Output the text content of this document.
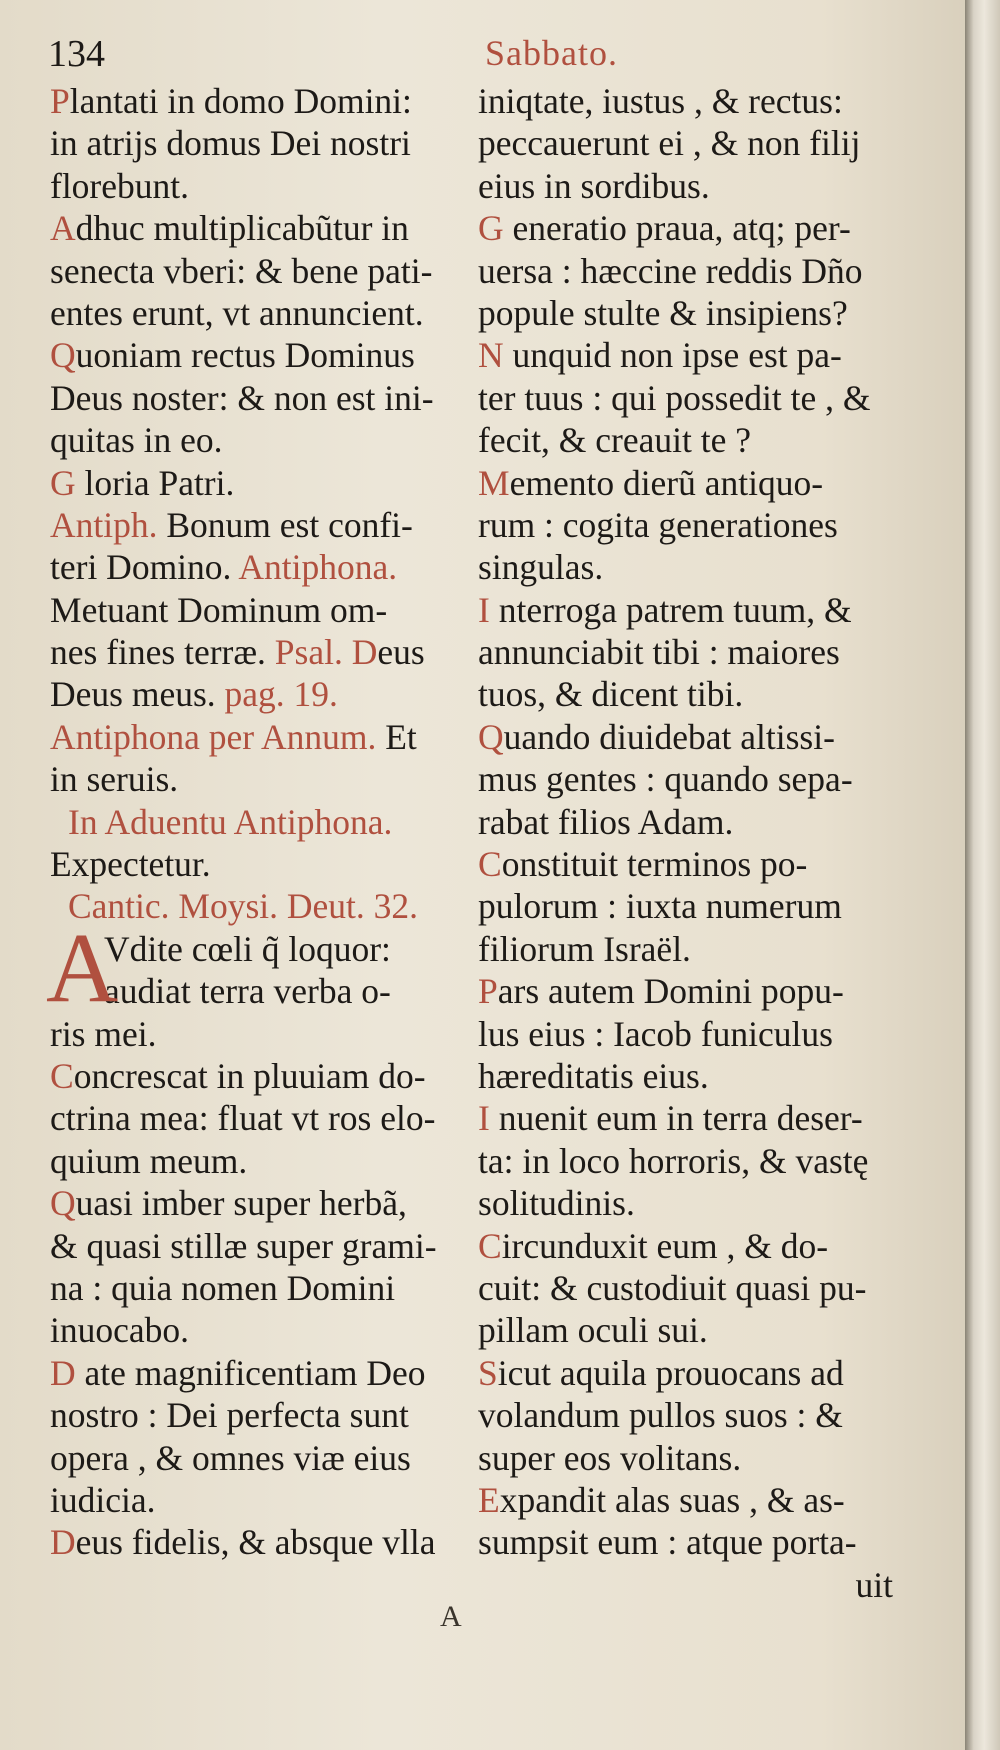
134	Sabbato.
Plantati in domo Domini:
in atrijs domus Dei nostri
florebunt.
Adhuc multiplicabũtur in
senecta vberi: & bene pati-
entes erunt, vt annuncient.
Quoniam rectus Dominus
Deus noster: & non est ini-
quitas in eo.
G loria Patri.
Antiph. Bonum est confi-
teri Domino. Antiphona.
Metuant Dominum om-
nes fines terræ. Psal. Deus
Deus meus. pag. 19.
Antiphona per Annum. Et
in seruis.
In Aduentu Antiphona.
Expectetur.
Cantic. Moysi. Deut. 32.
A
Vdite cœli q̃ loquor:
audiat terra verba o-
ris mei.
Concrescat in pluuiam do-
ctrina mea: fluat vt ros elo-
quium meum.
Quasi imber super herbã,
& quasi stillæ super grami-
na : quia nomen Domini
inuocabo.
D ate magnificentiam Deo
nostro : Dei perfecta sunt
opera , & omnes viæ eius
iudicia.
Deus fidelis, & absque vlla
iniqtate, iustus , & rectus:
peccauerunt ei , & non filij
eius in sordibus.
G eneratio praua, atq; per-
uersa : hæccine reddis Dño
popule stulte & insipiens?
N unquid non ipse est pa-
ter tuus : qui possedit te , &
fecit, & creauit te ?
Memento dierũ antiquo-
rum : cogita generationes
singulas.
I nterroga patrem tuum, &
annunciabit tibi : maiores
tuos, & dicent tibi.
Quando diuidebat altissi-
mus gentes : quando sepa-
rabat filios Adam.
Constituit terminos po-
pulorum : iuxta numerum
filiorum Israël.
Pars autem Domini popu-
lus eius : Iacob funiculus
hæreditatis eius.
I nuenit eum in terra deser-
ta: in loco horroris, & vastę
solitudinis.
Circunduxit eum , & do-
cuit: & custodiuit quasi pu-
pillam oculi sui.
Sicut aquila prouocans ad
volandum pullos suos : &
super eos volitans.
Expandit alas suas , & as-
sumpsit eum : atque porta-
uit
A
